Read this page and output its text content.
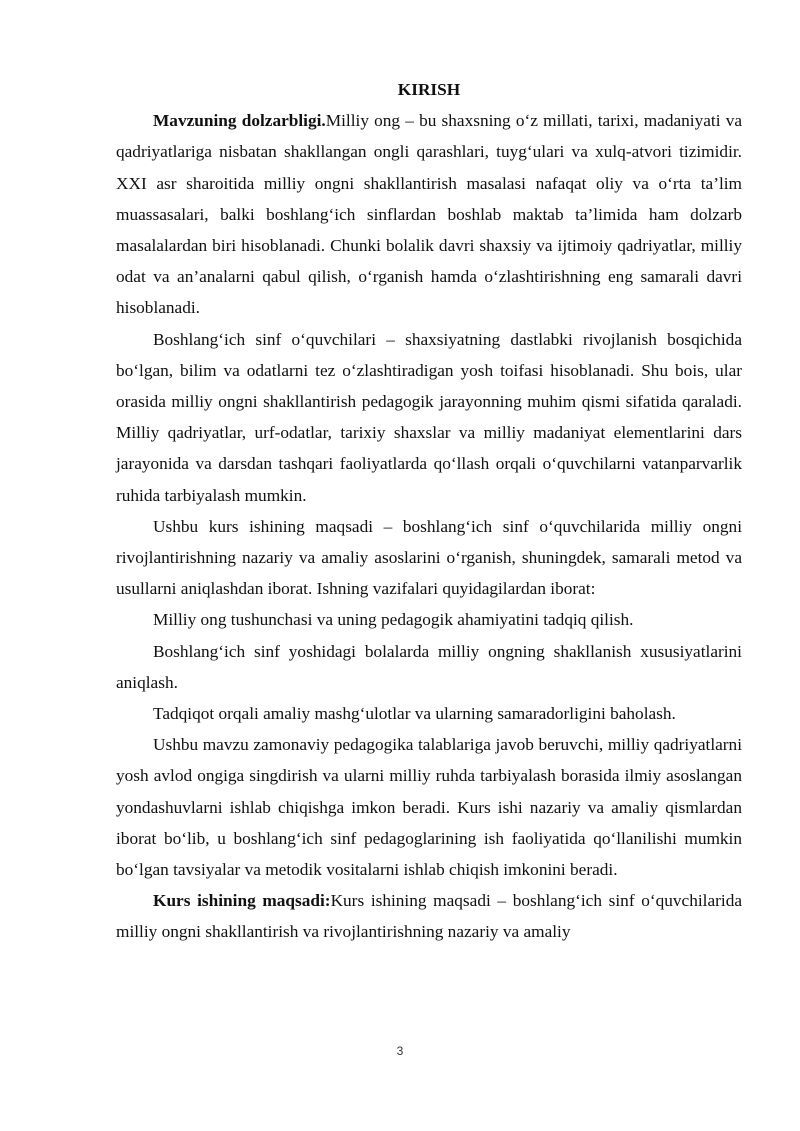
KIRISH

Mavzuning dolzarbligi.Milliy ong – bu shaxsning o‘z millati, tarixi, madaniyati va qadriyatlariga nisbatan shakllangan ongli qarashlari, tuyg‘ulari va xulq-atvori tizimidir. XXI asr sharoitida milliy ongni shakllantirish masalasi nafaqat oliy va o‘rta ta’lim muassasalari, balki boshlang‘ich sinflardan boshlab maktab ta’limida ham dolzarb masalalardan biri hisoblanadi. Chunki bolalik davri shaxsiy va ijtimoiy qadriyatlar, milliy odat va an’analarni qabul qilish, o‘rganish hamda o‘zlashtirishning eng samarali davri hisoblanadi.

Boshlang‘ich sinf o‘quvchilari – shaxsiyatning dastlabki rivojlanish bosqichida bo‘lgan, bilim va odatlarni tez o‘zlashtiradigan yosh toifasi hisoblanadi. Shu bois, ular orasida milliy ongni shakllantirish pedagogik jarayonning muhim qismi sifatida qaraladi. Milliy qadriyatlar, urf-odatlar, tarixiy shaxslar va milliy madaniyat elementlarini dars jarayonida va darsdan tashqari faoliyatlarda qo‘llash orqali o‘quvchilarni vatanparvarlik ruhida tarbiyalash mumkin.

Ushbu kurs ishining maqsadi – boshlang‘ich sinf o‘quvchilarida milliy ongni rivojlantirishning nazariy va amaliy asoslarini o‘rganish, shuningdek, samarali metod va usullarni aniqlashdan iborat. Ishning vazifalari quyidagilardan iborat:

Milliy ong tushunchasi va uning pedagogik ahamiyatini tadqiq qilish.

Boshlang‘ich sinf yoshidagi bolalarda milliy ongning shakllanish xususiyatlarini aniqlash.

Tadqiqot orqali amaliy mashg‘ulotlar va ularning samaradorligini baholash.

Ushbu mavzu zamonaviy pedagogika talablariga javob beruvchi, milliy qadriyatlarni yosh avlod ongiga singdirish va ularni milliy ruhda tarbiyalash borasida ilmiy asoslangan yondashuvlarni ishlab chiqishga imkon beradi. Kurs ishi nazariy va amaliy qismlardan iborat bo‘lib, u boshlang‘ich sinf pedagoglarining ish faoliyatida qo‘llanilishi mumkin bo‘lgan tavsiyalar va metodik vositalarni ishlab chiqish imkonini beradi.

Kurs ishining maqsadi:Kurs ishining maqsadi – boshlang‘ich sinf o‘quvchilarida milliy ongni shakllantirish va rivojlantirishning nazariy va amaliy

3
